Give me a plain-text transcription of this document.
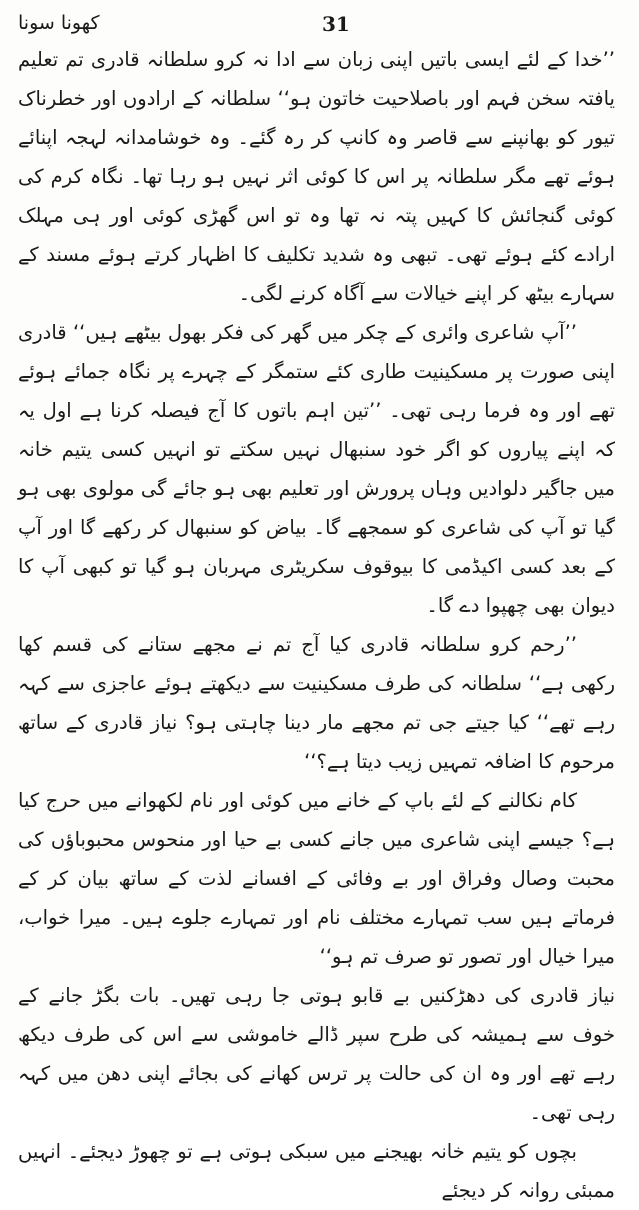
کھونا سونا	31

’’خدا کے لئے ایسی باتیں اپنی زبان سے ادا نہ کرو سلطانہ قادری تم تعلیم یافتہ سخن فہم اور باصلاحیت خاتون ہو‘‘ سلطانہ کے ارادوں اور خطرناک تیور کو بھانپنے سے قاصر وہ کانپ کر رہ گئے۔ وہ خوشامدانہ لہجہ اپنائے ہوئے تھے مگر سلطانہ پر اس کا کوئی اثر نہیں ہو رہا تھا۔ نگاہ کرم کی کوئی گنجائش کا کہیں پتہ نہ تھا وہ تو اس گھڑی کوئی اور ہی مہلک ارادے کئے ہوئے تھی۔ تبھی وہ شدید تکلیف کا اظہار کرتے ہوئے مسند کے سہارے بیٹھ کر اپنے خیالات سے آگاہ کرنے لگی۔

’’آپ شاعری وائری کے چکر میں گھر کی فکر بھول بیٹھے ہیں‘‘ قادری اپنی صورت پر مسکینیت طاری کئے ستمگر کے چہرے پر نگاہ جمائے ہوئے تھے اور وہ فرما رہی تھی۔ ’’تین اہم باتوں کا آج فیصلہ کرنا ہے اول یہ کہ اپنے پیاروں کو اگر خود سنبھال نہیں سکتے تو انہیں کسی یتیم خانہ میں جاگیر دلوادیں وہاں پرورش اور تعلیم بھی ہو جائے گی مولوی بھی ہو گیا تو آپ کی شاعری کو سمجھے گا۔ بیاض کو سنبھال کر رکھے گا اور آپ کے بعد کسی اکیڈمی کا بیوقوف سکریٹری مہربان ہو گیا تو کبھی آپ کا دیوان بھی چھپوا دے گا۔

’’رحم کرو سلطانہ قادری کیا آج تم نے مجھے ستانے کی قسم کھا رکھی ہے‘‘ سلطانہ کی طرف مسکینیت سے دیکھتے ہوئے عاجزی سے کہہ رہے تھے‘‘ کیا جیتے جی تم مجھے مار دینا چاہتی ہو؟ نیاز قادری کے ساتھ مرحوم کا اضافہ تمہیں زیب دیتا ہے؟‘‘

کام نکالنے کے لئے باپ کے خانے میں کوئی اور نام لکھوانے میں حرج کیا ہے؟ جیسے اپنی شاعری میں جانے کسی بے حیا اور منحوس محبوباؤں کی محبت وصال وفراق اور بے وفائی کے افسانے لذت کے ساتھ بیان کر کے فرماتے ہیں سب تمہارے مختلف نام اور تمہارے جلوے ہیں۔ میرا خواب، میرا خیال اور تصور تو صرف تم ہو‘‘

نیاز قادری کی دھڑکنیں بے قابو ہوتی جا رہی تھیں۔ بات بگڑ جانے کے خوف سے ہمیشہ کی طرح سپر ڈالے خاموشی سے اس کی طرف دیکھ رہے تھے اور وہ ان کی حالت پر ترس کھانے کی بجائے اپنی دھن میں کہہ رہی تھی۔

بچوں کو یتیم خانہ بھیجنے میں سبکی ہوتی ہے تو چھوڑ دیجئے۔ انہیں ممبئی روانہ کر دیجئے
